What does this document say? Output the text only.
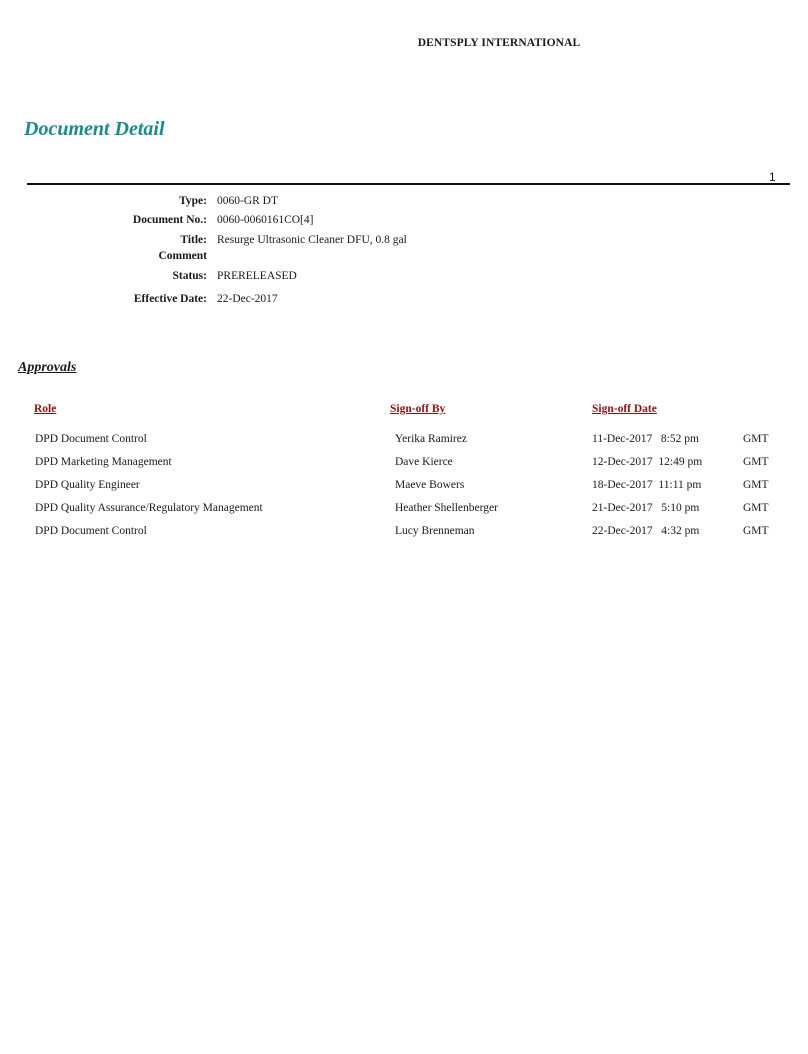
DENTSPLY INTERNATIONAL
Document Detail
1
Type: 0060-GR DT
Document No.: 0060-0060161CO[4]
Title: Resurge Ultrasonic Cleaner DFU, 0.8 gal
Comment
Status: PRERELEASED
Effective Date: 22-Dec-2017
Approvals
Role	Sign-off By	Sign-off Date
DPD Document Control	Yerika Ramirez	11-Dec-2017   8:52 pm	GMT
DPD Marketing Management	Dave Kierce	12-Dec-2017  12:49 pm	GMT
DPD Quality Engineer	Maeve Bowers	18-Dec-2017  11:11 pm	GMT
DPD Quality Assurance/Regulatory Management	Heather Shellenberger	21-Dec-2017   5:10 pm	GMT
DPD Document Control	Lucy Brenneman	22-Dec-2017   4:32 pm	GMT
